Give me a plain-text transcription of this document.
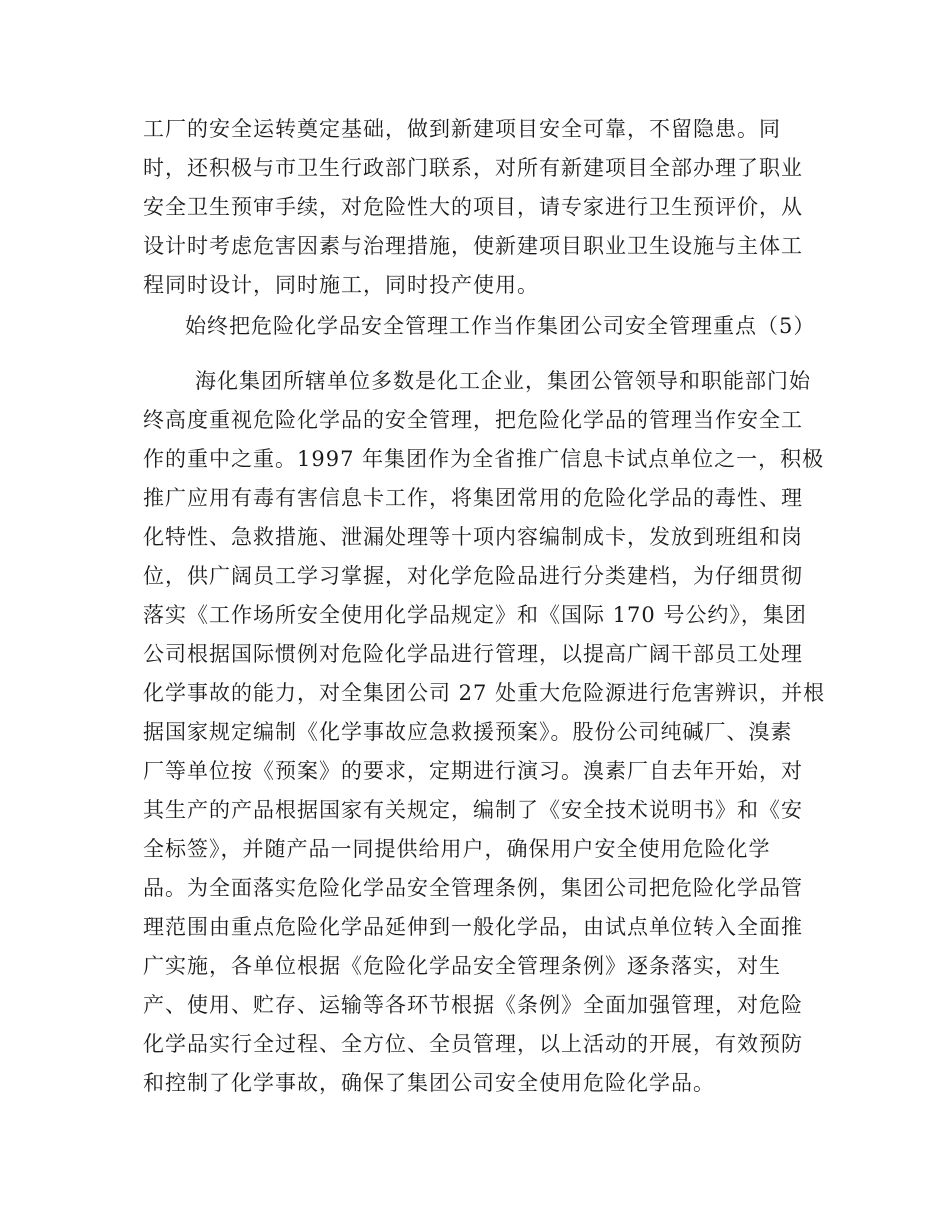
工厂的安全运转奠定基础，做到新建项目安全可靠，不留隐患。同
时，还积极与市卫生行政部门联系，对所有新建项目全部办理了职业
安全卫生预审手续，对危险性大的项目，请专家进行卫生预评价，从
设计时考虑危害因素与治理措施，使新建项目职业卫生设施与主体工
程同时设计，同时施工，同时投产使用。
始终把危险化学品安全管理工作当作集团公司安全管理重点（5）
海化集团所辖单位多数是化工企业，集团公管领导和职能部门始
终高度重视危险化学品的安全管理，把危险化学品的管理当作安全工
作的重中之重。1997 年集团作为全省推广信息卡试点单位之一，积极
推广应用有毒有害信息卡工作，将集团常用的危险化学品的毒性、理
化特性、急救措施、泄漏处理等十项内容编制成卡，发放到班组和岗
位，供广阔员工学习掌握，对化学危险品进行分类建档，为仔细贯彻
落实《工作场所安全使用化学品规定》和《国际 170 号公约》，集团
公司根据国际惯例对危险化学品进行管理，以提高广阔干部员工处理
化学事故的能力，对全集团公司 27 处重大危险源进行危害辨识，并根
据国家规定编制《化学事故应急救援预案》。股份公司纯碱厂、溴素
厂等单位按《预案》的要求，定期进行演习。溴素厂自去年开始，对
其生产的产品根据国家有关规定，编制了《安全技术说明书》和《安
全标签》，并随产品一同提供给用户，确保用户安全使用危险化学
品。为全面落实危险化学品安全管理条例，集团公司把危险化学品管
理范围由重点危险化学品延伸到一般化学品，由试点单位转入全面推
广实施，各单位根据《危险化学品安全管理条例》逐条落实，对生
产、使用、贮存、运输等各环节根据《条例》全面加强管理，对危险
化学品实行全过程、全方位、全员管理，以上活动的开展，有效预防
和控制了化学事故，确保了集团公司安全使用危险化学品。
